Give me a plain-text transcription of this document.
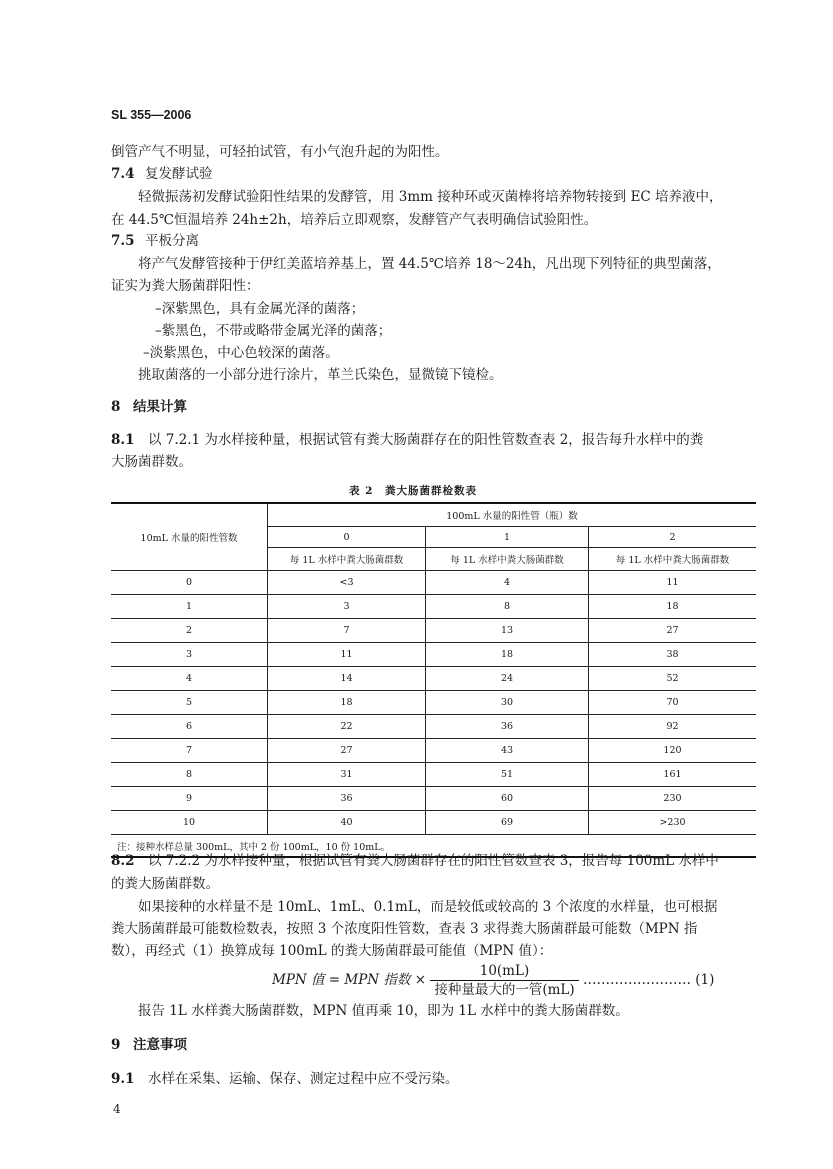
SL 355—2006
倒管产气不明显，可轻拍试管，有小气泡升起的为阳性。
7.4 复发酵试验
轻微振荡初发酵试验阳性结果的发酵管，用 3mm 接种环或灭菌棒将培养物转接到 EC 培养液中，
在 44.5℃恒温培养 24h±2h，培养后立即观察，发酵管产气表明确信试验阳性。
7.5 平板分离
将产气发酵管接种于伊红美蓝培养基上，置 44.5℃培养 18～24h，凡出现下列特征的典型菌落，
证实为粪大肠菌群阳性：
–深紫黑色，具有金属光泽的菌落；
–紫黑色，不带或略带金属光泽的菌落；
–淡紫黑色，中心色较深的菌落。
挑取菌落的一小部分进行涂片，革兰氏染色，显微镜下镜检。
8 结果计算
8.1 以 7.2.1 为水样接种量，根据试管有粪大肠菌群存在的阳性管数查表 2，报告每升水样中的粪
大肠菌群数。
表 2　粪大肠菌群检数表
10mL 水量的阳性管数	100mL 水量的阳性管（瓶）数		
	0	1	2
	每 1L 水样中粪大肠菌群数	每 1L 水样中粪大肠菌群数	每 1L 水样中粪大肠菌群数
0	<3	4	11
1	3	8	18
2	7	13	27
3	11	18	38
4	14	24	52
5	18	30	70
6	22	36	92
7	27	43	120
8	31	51	161
9	36	60	230
10	40	69	>230
注：接种水样总量 300mL，其中 2 份 100mL，10 份 10mL。			
8.2 以 7.2.2 为水样接种量，根据试管有粪大肠菌群存在的阳性管数查表 3，报告每 100mL 水样中
的粪大肠菌群数。
如果接种的水样量不是 10mL、1mL、0.1mL，而是较低或较高的 3 个浓度的水样量，也可根据
粪大肠菌群最可能数检数表，按照 3 个浓度阳性管数，查表 3 求得粪大肠菌群最可能数（MPN 指
数），再经式（1）换算成每 100mL 的粪大肠菌群最可能值（MPN 值）：
MPN 值 = MPN 指数 × $\frac{10(mL)}{\text{接种量最大的一管(mL)}}$ …………………… (1)
报告 1L 水样粪大肠菌群数，MPN 值再乘 10，即为 1L 水样中的粪大肠菌群数。
9 注意事项
9.1 水样在采集、运输、保存、测定过程中应不受污染。
4
